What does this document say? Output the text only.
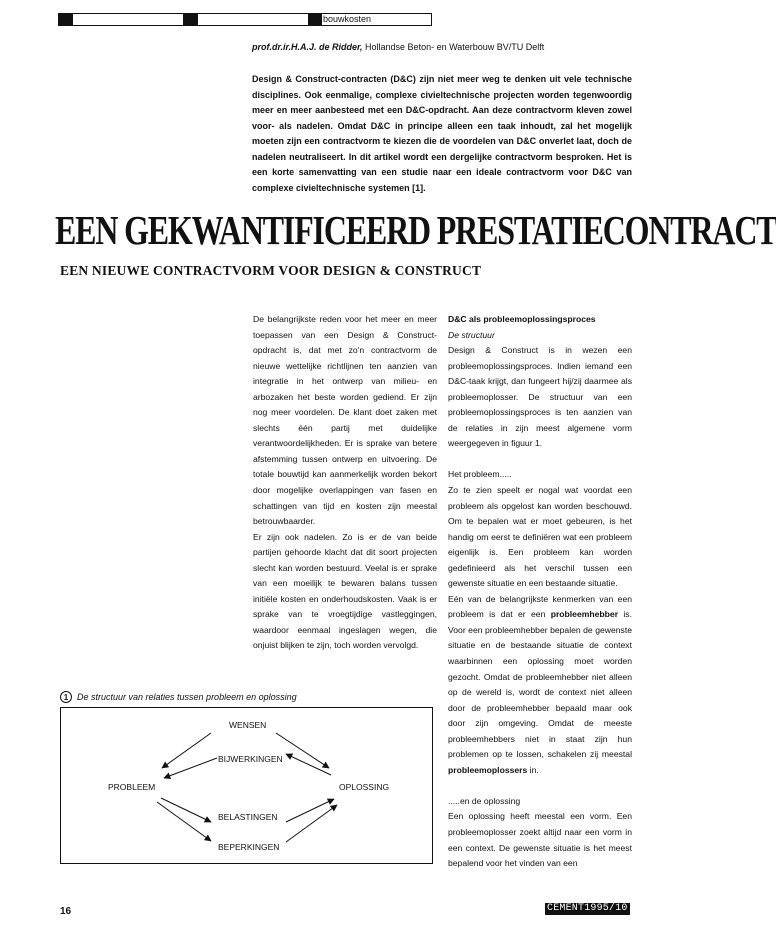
bouwkosten
prof.dr.ir.H.A.J. de Ridder, Hollandse Beton- en Waterbouw BV/TU Delft
Design & Construct-contracten (D&C) zijn niet meer weg te denken uit vele technische disciplines. Ook eenmalige, complexe civieltechnische projecten worden tegenwoordig meer en meer aanbesteed met een D&C-opdracht. Aan deze contractvorm kleven zowel voor- als nadelen. Omdat D&C in principe alleen een taak inhoudt, zal het mogelijk moeten zijn een contractvorm te kiezen die de voordelen van D&C onverlet laat, doch de nadelen neutraliseert. In dit artikel wordt een dergelijke contractvorm besproken. Het is een korte samenvatting van een studie naar een ideale contractvorm voor D&C van complexe civieltechnische systemen [1].
EEN GEKWANTIFICEERD PRESTATIECONTRACT
EEN NIEUWE CONTRACTVORM VOOR DESIGN & CONSTRUCT

De belangrijkste reden voor het meer en meer toepassen van een Design & Construct-opdracht is, dat met zo'n contractvorm de nieuwe wettelijke richtlijnen ten aanzien van integratie in het ontwerp van milieu- en arbozaken het beste worden gediend. Er zijn nog meer voordelen. De klant doet zaken met slechts één partij met duidelijke verantwoordelijkheden. Er is sprake van betere afstemming tussen ontwerp en uitvoering. De totale bouwtijd kan aanmerkelijk worden bekort door mogelijke overlappingen van fasen en schattingen van tijd en kosten zijn meestal betrouwbaarder.

Er zijn ook nadelen. Zo is er de van beide partijen gehoorde klacht dat dit soort projecten slecht kan worden bestuurd. Veelal is er sprake van een moeilijk te bewaren balans tussen initiële kosten en onderhoudskosten. Vaak is er sprake van te vroegtijdige vastleggingen, waardoor eenmaal ingeslagen wegen, die onjuist blijken te zijn, toch worden vervolgd.

D&C als probleemoplossingsproces

De structuur

Design & Construct is in wezen een probleemoplossingsproces. Indien iemand een D&C-taak krijgt, dan fungeert hij/zij daarmee als probleemoplosser. De structuur van een probleemoplossingsproces is ten aanzien van de relaties in zijn meest algemene vorm weergegeven in figuur 1.

Het probleem.....

Zo te zien speelt er nogal wat voordat een probleem als opgelost kan worden beschouwd. Om te bepalen wat er moet gebeuren, is het handig om eerst te definiëren wat een probleem eigenlijk is. Een probleem kan worden gedefinieerd als het verschil tussen een gewenste situatie en een bestaande situatie.

Eén van de belangrijkste kenmerken van een probleem is dat er een probleemhebber is. Voor een probleemhebber bepalen de gewenste situatie en de bestaande situatie de context waarbinnen een oplossing moet worden gezocht. Omdat de probleemhebber niet alleen op de wereld is, wordt de context niet alleen door de probleemhebber bepaald maar ook door zijn omgeving. Omdat de meeste probleemhebbers niet in staat zijn hun problemen op te lossen, schakelen zij meestal probleemoplossers in.

.....en de oplossing

Een oplossing heeft meestal een vorm. Een probleemoplosser zoekt altijd naar een vorm in een context. De gewenste situatie is het meest bepalend voor het vinden van een

1 De structuur van relaties tussen probleem en oplossing
WENSEN
BIJWERKINGEN
PROBLEEM	OPLOSSING
BELASTINGEN
BEPERKINGEN
16	CEMENT1995/10
